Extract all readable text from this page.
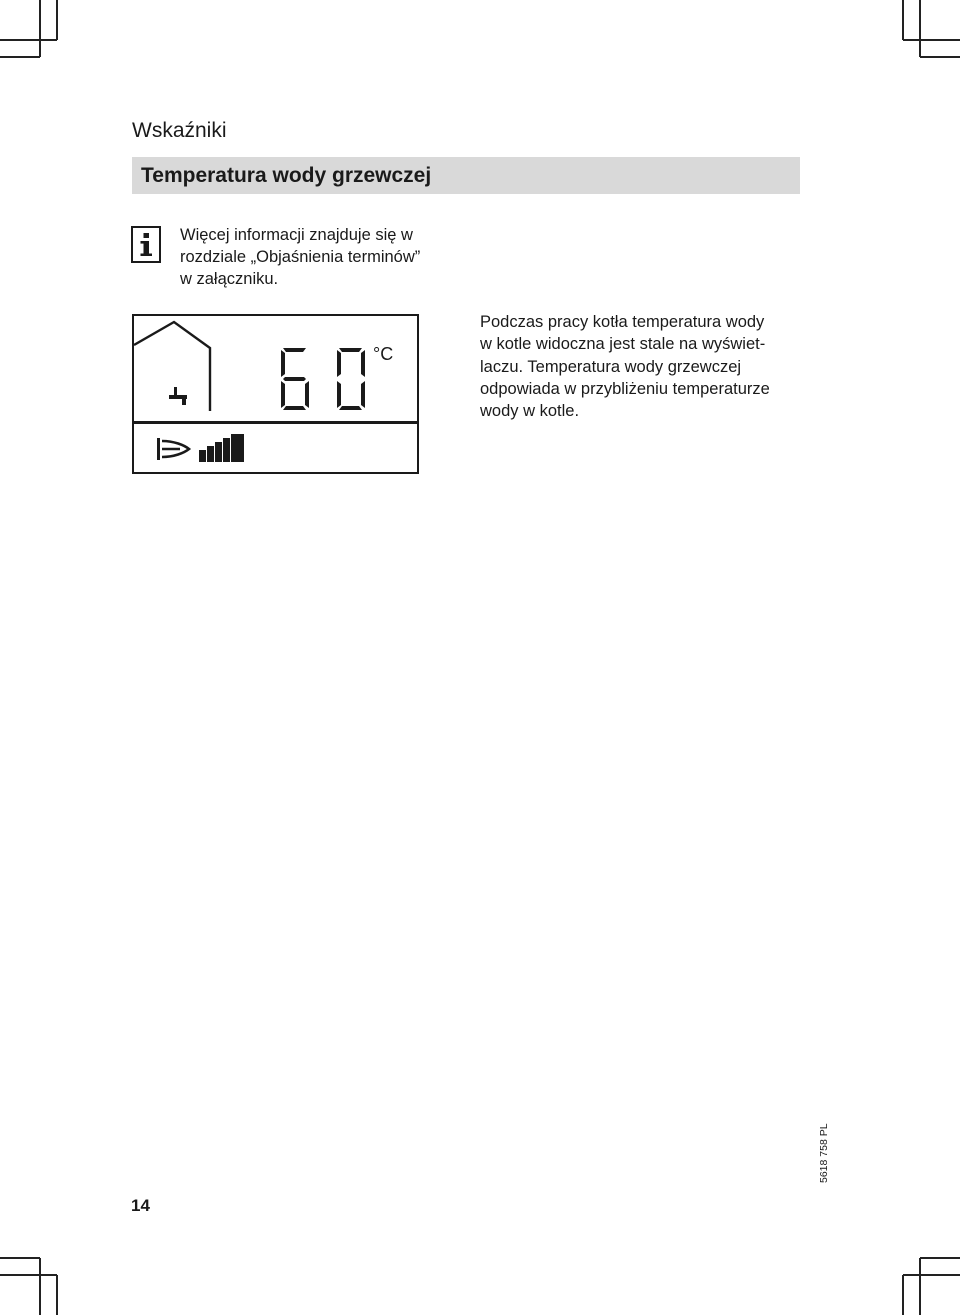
Wskaźniki
Temperatura wody grzewczej

Więcej informacji znajduje się w

rozdziale „Objaśnienia terminów”

w załączniku.

°C

Podczas pracy kotła temperatura wody

w kotle widoczna jest stale na wyświet-

laczu. Temperatura wody grzewczej

odpowiada w przybliżeniu temperaturze

wody w kotle.

5618 758 PL
14
